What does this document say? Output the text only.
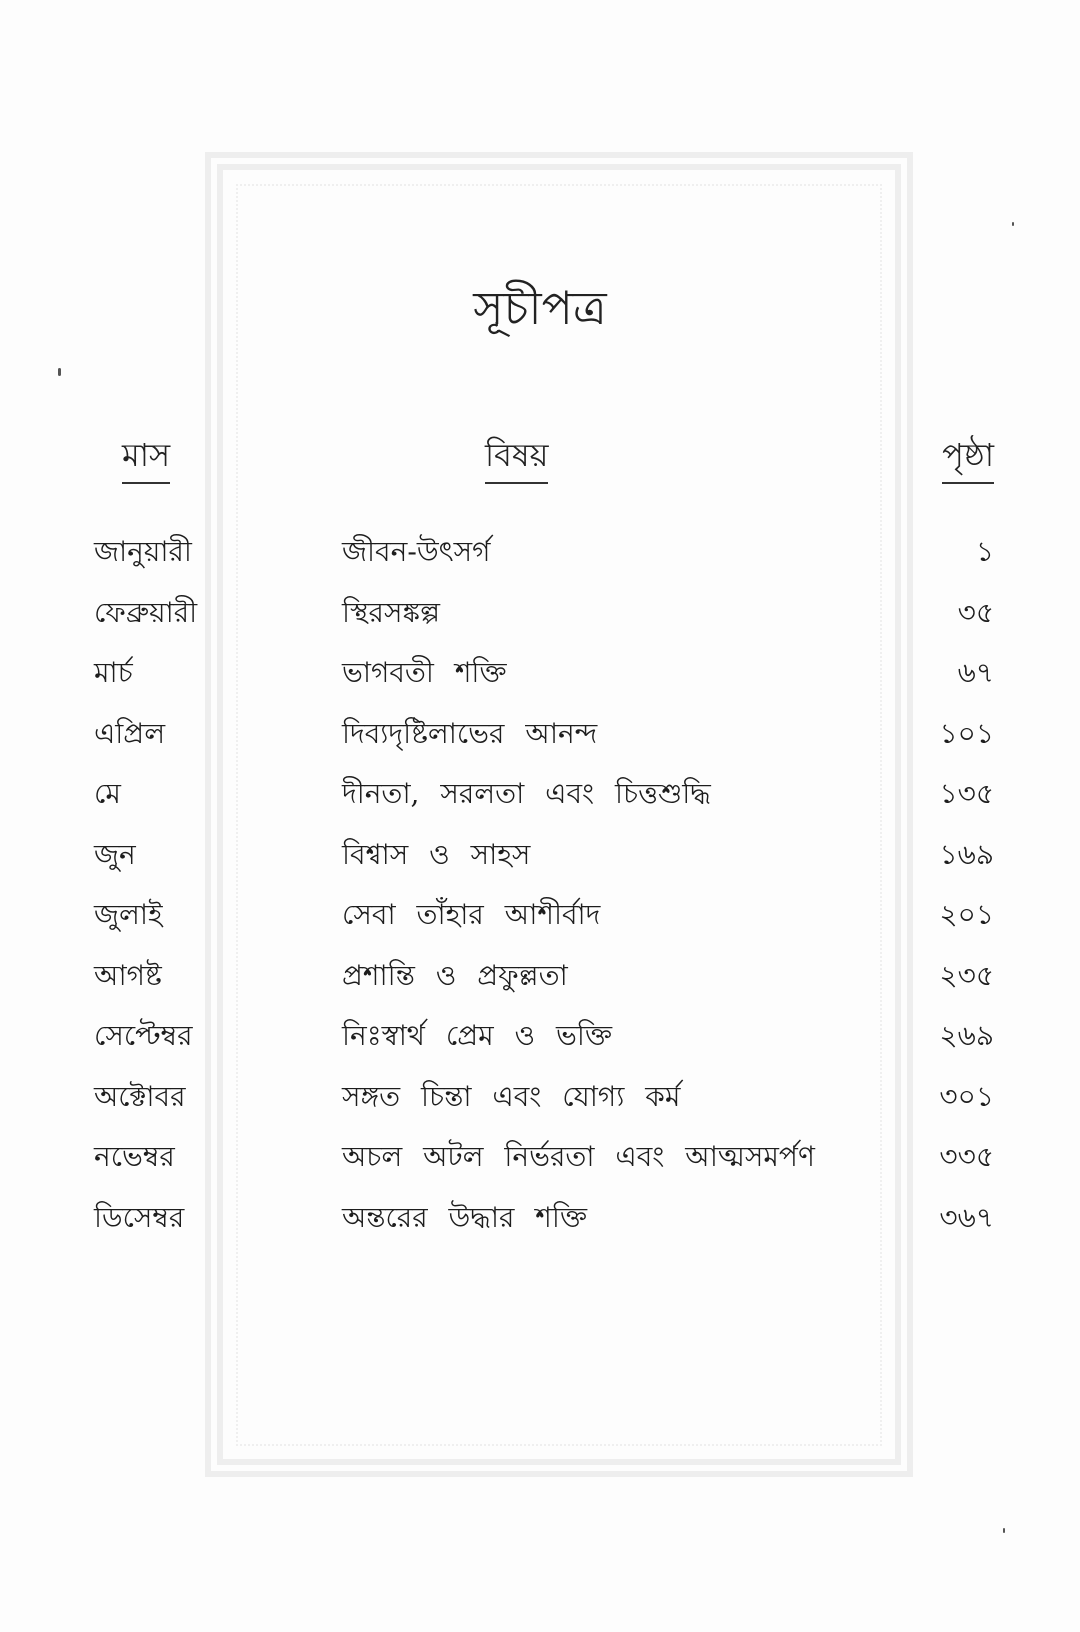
সূচীপত্র
মাস	বিষয়	পৃষ্ঠা
জানুয়ারী	জীবন-উৎসর্গ	১
ফেব্রুয়ারী	স্থিরসঙ্কল্প	৩৫
মার্চ	ভাগবতী শক্তি	৬৭
এপ্রিল	দিব্যদৃষ্টিলাভের আনন্দ	১০১
মে	দীনতা, সরলতা এবং চিত্তশুদ্ধি	১৩৫
জুন	বিশ্বাস ও সাহস	১৬৯
জুলাই	সেবা তাঁহার আশীর্বাদ	২০১
আগষ্ট	প্রশান্তি ও প্রফুল্লতা	২৩৫
সেপ্টেম্বর	নিঃস্বার্থ প্রেম ও ভক্তি	২৬৯
অক্টোবর	সঙ্গত চিন্তা এবং যোগ্য কর্ম	৩০১
নভেম্বর	অচল অটল নির্ভরতা এবং আত্মসমর্পণ	৩৩৫
ডিসেম্বর	অন্তরের উদ্ধার শক্তি	৩৬৭
